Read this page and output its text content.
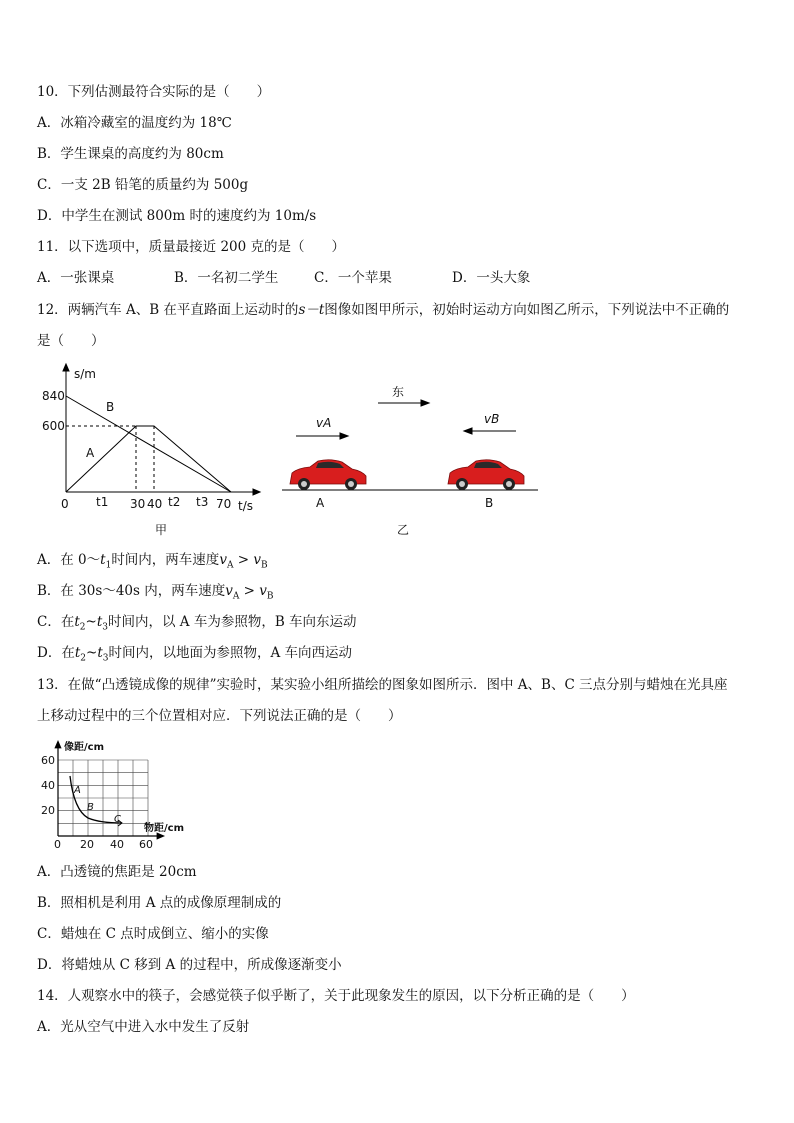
10．下列估测最符合实际的是（　　）
A．冰箱冷藏室的温度约为 18℃
B．学生课桌的高度约为 80cm
C．一支 2B 铅笔的质量约为 500g
D．中学生在测试 800m 时的速度约为 10m/s
11．以下选项中，质量最接近 200 克的是（　　）
A．一张课桌	B．一名初二学生	C．一个苹果	D．一头大象
12．两辆汽车 A、B 在平直路面上运动时的s－t图像如图甲所示，初始时运动方向如图乙所示，下列说法中不正确的
是（　　）
s/m
840
600
0 t1 30 40 t2 t3 70 t/s
A
B
甲
东
vA	vB
A	B
乙
A．在 $0\sim t_1$时间内，两车速度$v_A > v_B$
B．在 30s～40s 内，两车速度$v_A > v_B$
C．在$t_2\sim t_3$时间内，以 A 车为参照物，B 车向东运动
D．在$t_2\sim t_3$时间内，以地面为参照物，A 车向西运动
13．在做“凸透镜成像的规律”实验时，某实验小组所描绘的图象如图所示．图中 A、B、C 三点分别与蜡烛在光具座
上移动过程中的三个位置相对应．下列说法正确的是（　　）
像距/cm
物距/cm
60
40
20
0 20 40 60
A
B
C
A．凸透镜的焦距是 20cm
B．照相机是利用 A 点的成像原理制成的
C．蜡烛在 C 点时成倒立、缩小的实像
D．将蜡烛从 C 移到 A 的过程中，所成像逐渐变小
14．人观察水中的筷子，会感觉筷子似乎断了，关于此现象发生的原因，以下分析正确的是（　　）
A．光从空气中进入水中发生了反射
